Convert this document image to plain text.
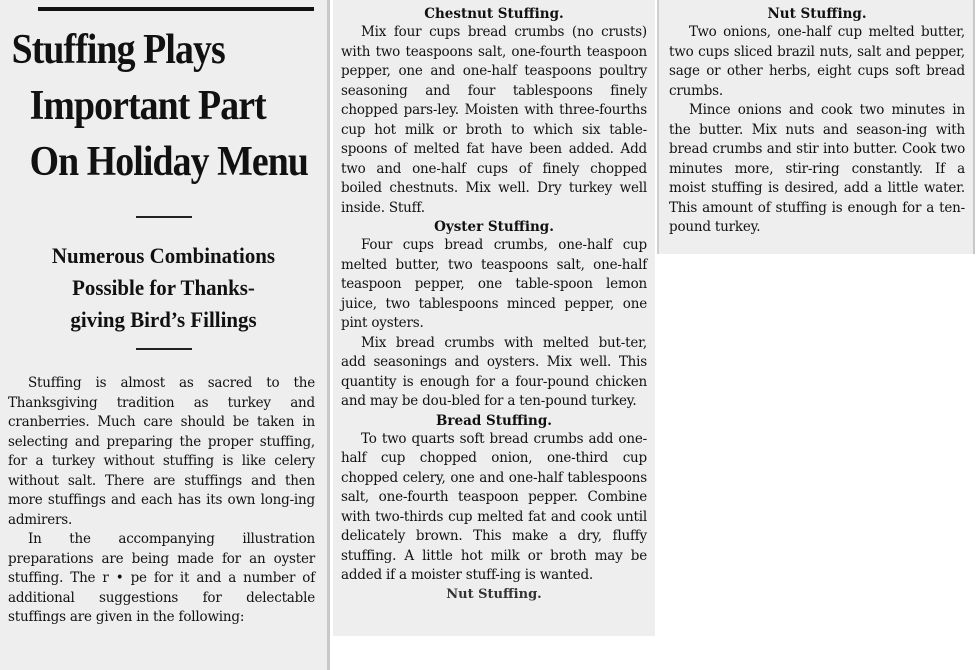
Stuffing Plays
Important Part
On Holiday Menu
Numerous Combinations
Possible for Thanks-
giving Bird’s Fillings

Stuffing is almost as sacred to the Thanksgiving tradition as turkey and cranberries. Much care should be taken in selecting and preparing the proper stuffing, for a turkey without stuffing is like celery without salt. There are stuffings and then more stuffings and each has its own long-ing admirers.

In the accompanying illustration preparations are being made for an oyster stuffing. The r • pe for it and a number of additional suggestions for delectable stuffings are given in the following:

Chestnut Stuffing.

Mix four cups bread crumbs (no crusts) with two teaspoons salt, one-fourth teaspoon pepper, one and one-half teaspoons poultry seasoning and four tablespoons finely chopped pars-ley. Moisten with three-fourths cup hot milk or broth to which six table-spoons of melted fat have been added. Add two and one-half cups of finely chopped boiled chestnuts. Mix well. Dry turkey well inside. Stuff.

Oyster Stuffing.

Four cups bread crumbs, one-half cup melted butter, two teaspoons salt, one-half teaspoon pepper, one table-spoon lemon juice, two tablespoons minced pepper, one pint oysters.

Mix bread crumbs with melted but-ter, add seasonings and oysters. Mix well. This quantity is enough for a four-pound chicken and may be dou-bled for a ten-pound turkey.

Bread Stuffing.

To two quarts soft bread crumbs add one-half cup chopped onion, one-third cup chopped celery, one and one-half tablespoons salt, one-fourth teaspoon pepper. Combine with two-thirds cup melted fat and cook until delicately brown. This make a dry, fluffy stuffing. A little hot milk or broth may be added if a moister stuff-ing is wanted.

Nut Stuffing.
Nut Stuffing.

Two onions, one-half cup melted butter, two cups sliced brazil nuts, salt and pepper, sage or other herbs, eight cups soft bread crumbs.

Mince onions and cook two minutes in the butter. Mix nuts and season-ing with bread crumbs and stir into butter. Cook two minutes more, stir-ring constantly. If a moist stuffing is desired, add a little water. This amount of stuffing is enough for a ten-pound turkey.
